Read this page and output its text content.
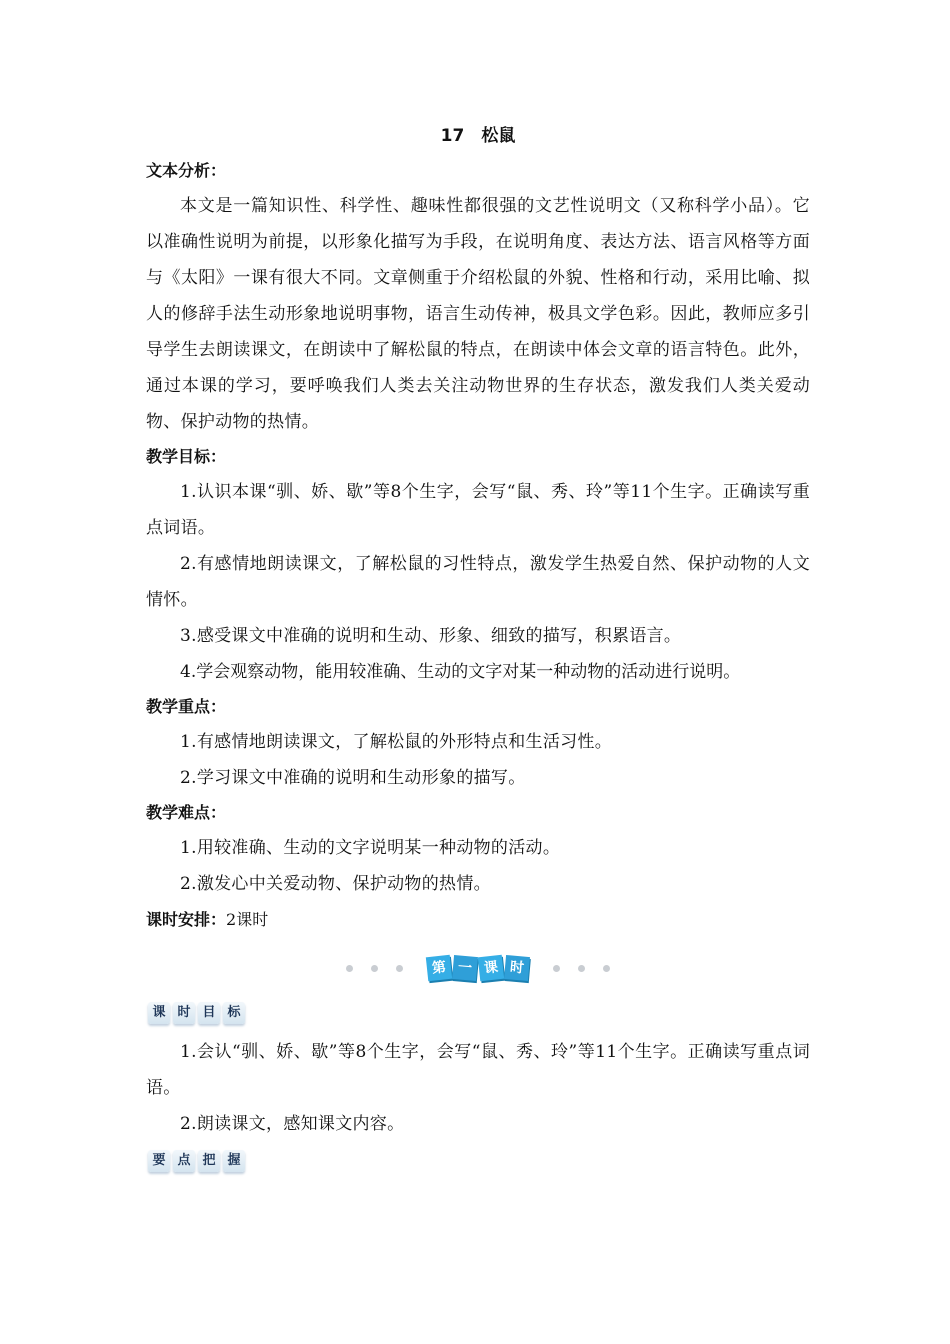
17　松鼠
文本分析：

本文是一篇知识性、科学性、趣味性都很强的文艺性说明文（又称科学小品）。它以准确性说明为前提，以形象化描写为手段，在说明角度、表达方法、语言风格等方面与《太阳》一课有很大不同。文章侧重于介绍松鼠的外貌、性格和行动，采用比喻、拟人的修辞手法生动形象地说明事物，语言生动传神，极具文学色彩。因此，教师应多引导学生去朗读课文，在朗读中了解松鼠的特点，在朗读中体会文章的语言特色。此外，通过本课的学习，要呼唤我们人类去关注动物世界的生存状态，激发我们人类关爱动物、保护动物的热情。

教学目标：

1.认识本课“驯、娇、歇”等8个生字，会写“鼠、秀、玲”等11个生字。正确读写重点词语。

2.有感情地朗读课文，了解松鼠的习性特点，激发学生热爱自然、保护动物的人文情怀。

3.感受课文中准确的说明和生动、形象、细致的描写，积累语言。

4.学会观察动物，能用较准确、生动的文字对某一种动物的活动进行说明。

教学重点：

1.有感情地朗读课文，了解松鼠的外形特点和生活习性。

2.学习课文中准确的说明和生动形象的描写。

教学难点：

1.用较准确、生动的文字说明某一种动物的活动。

2.激发心中关爱动物、保护动物的热情。

课时安排：2课时
第 一 课 时
课 时 目 标

1.会认“驯、娇、歇”等8个生字，会写“鼠、秀、玲”等11个生字。正确读写重点词语。

2.朗读课文，感知课文内容。

要 点 把 握
